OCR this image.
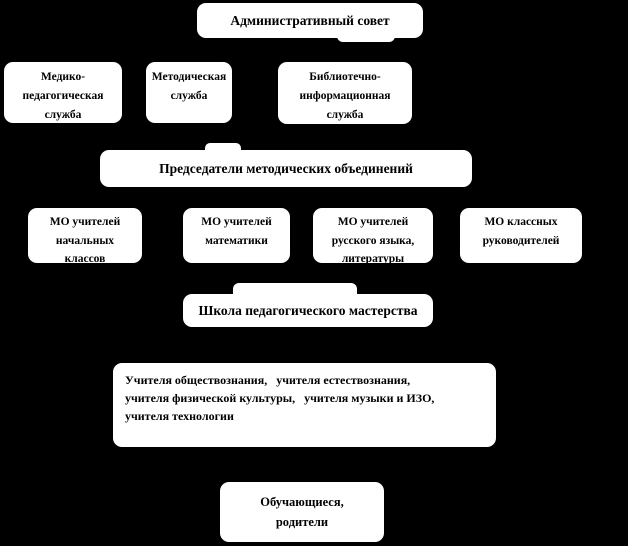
Административный совет
Медико-
педагогическая
служба
Методическая
служба
Библиотечно-
информационная
служба
Председатели методических объединений
МО учителей
начальных
классов
МО учителей
математики
МО учителей
русского языка,
литературы
МО классных
руководителей
Школа педагогического мастерства
Учителя обществознания,   учителя естествознания,
учителя физической культуры,   учителя музыки и ИЗО,
учителя технологии
Обучающиеся,
родители
